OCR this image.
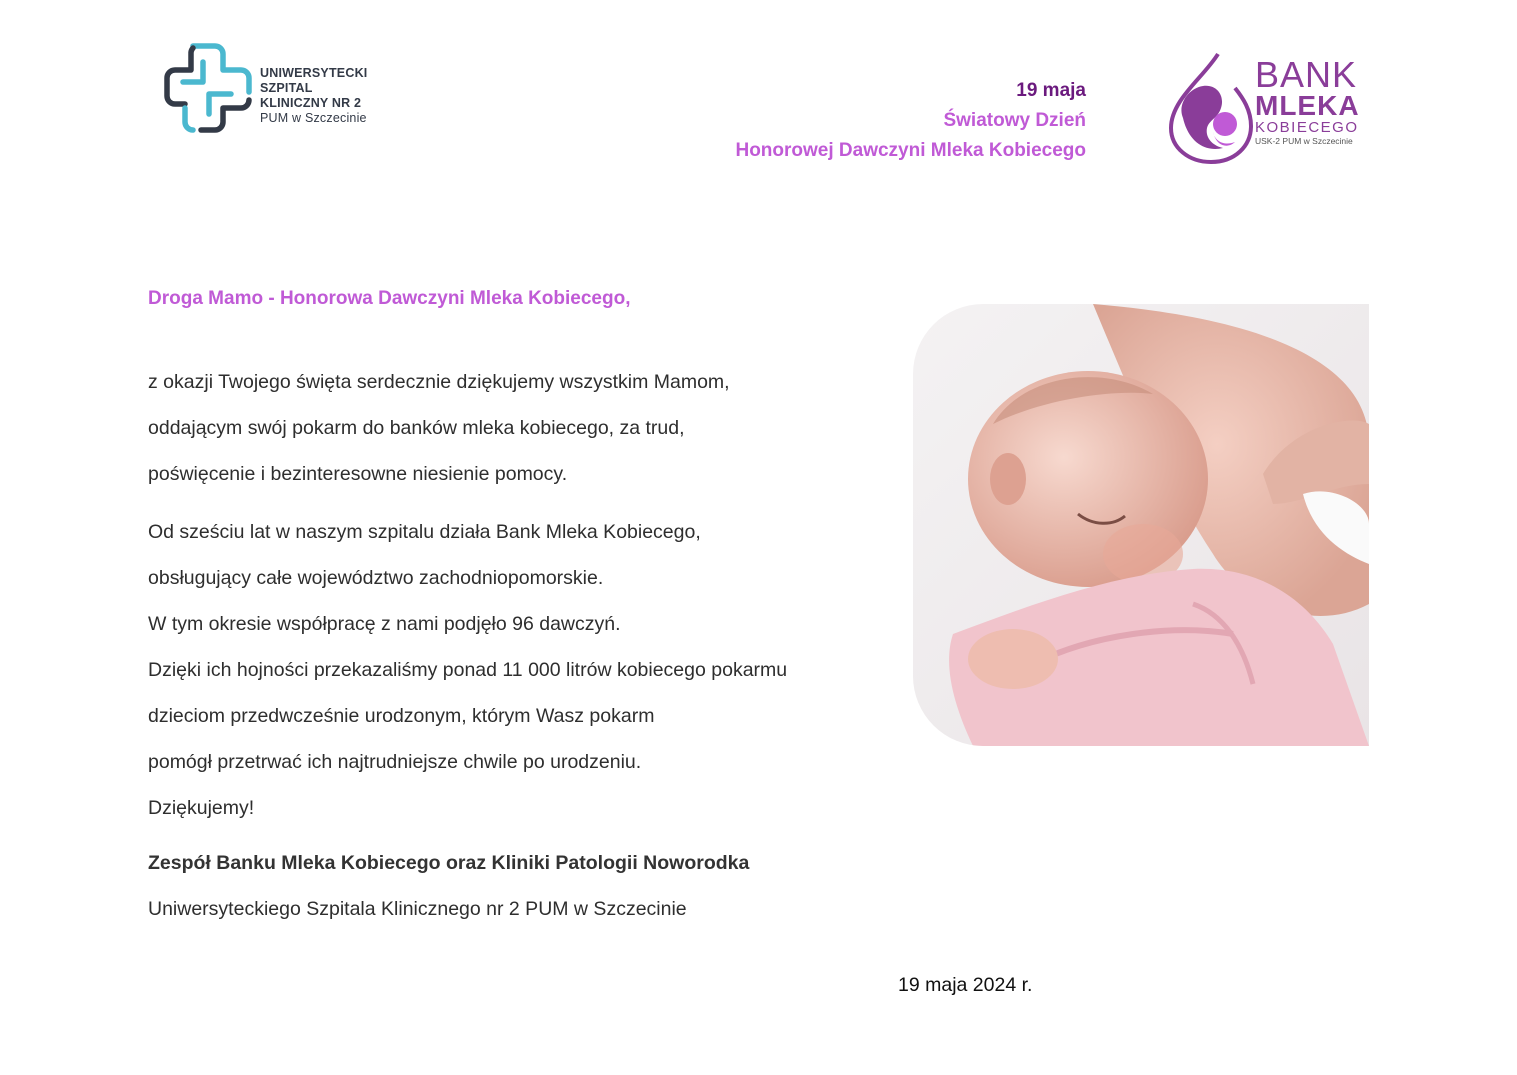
UNIWERSYTECKI
SZPITAL
KLINICZNY NR 2
PUM w Szczecinie
19 maja
Światowy Dzień
Honorowej Dawczyni Mleka Kobiecego
BANK
MLEKA
KOBIECEGO
USK-2 PUM w Szczecinie
Droga Mamo - Honorowa Dawczyni Mleka Kobiecego,
z okazji Twojego święta serdecznie dziękujemy wszystkim Mamom,
oddającym swój pokarm do banków mleka kobiecego, za trud,
poświęcenie i bezinteresowne niesienie pomocy.
Od sześciu lat w naszym szpitalu działa Bank Mleka Kobiecego,
obsługujący całe województwo zachodniopomorskie.
W tym okresie współpracę z nami podjęło 96 dawczyń.
Dzięki ich hojności przekazaliśmy ponad 11 000 litrów kobiecego pokarmu
dzieciom przedwcześnie urodzonym, którym Wasz pokarm
pomógł przetrwać ich najtrudniejsze chwile po urodzeniu.
Dziękujemy!
Zespół Banku Mleka Kobiecego oraz Kliniki Patologii Noworodka
Uniwersyteckiego Szpitala Klinicznego nr 2 PUM w Szczecinie
19 maja 2024 r.
